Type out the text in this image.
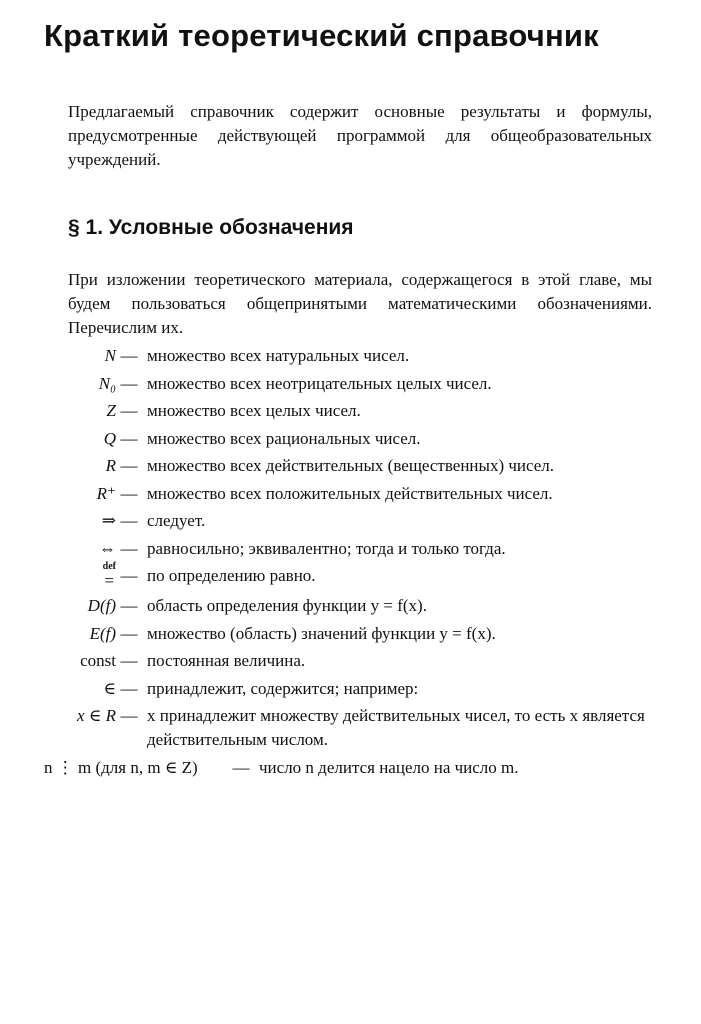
Краткий теоретический справочник

Предлагаемый справочник содержит основные результаты и формулы, предусмотренные действующей программой для общеобразовательных учреждений.

§ 1. Условные обозначения

При изложении теоретического материала, содержащегося в этой главе, мы будем пользоваться общепринятыми математическими обозначениями. Перечислим их.

N — множество всех натуральных чисел.
N₀ — множество всех неотрицательных целых чисел.
Z — множество всех целых чисел.
Q — множество всех рациональных чисел.
R — множество всех действительных (вещественных) чисел.
R⁺ — множество всех положительных действительных чисел.
⇒ — следует.
⇔ — равносильно; эквивалентно; тогда и только тогда.
def
= — по определению равно.
D(f) — область определения функции y = f(x).
E(f) — множество (область) значений функции y = f(x).
const — постоянная величина.
∈ — принадлежит, содержится; например:
x ∈ R — x принадлежит множеству действительных чисел, то есть x является действительным числом.
n ⋮ m (для n, m ∈ Z) — число n делится нацело на число m.
